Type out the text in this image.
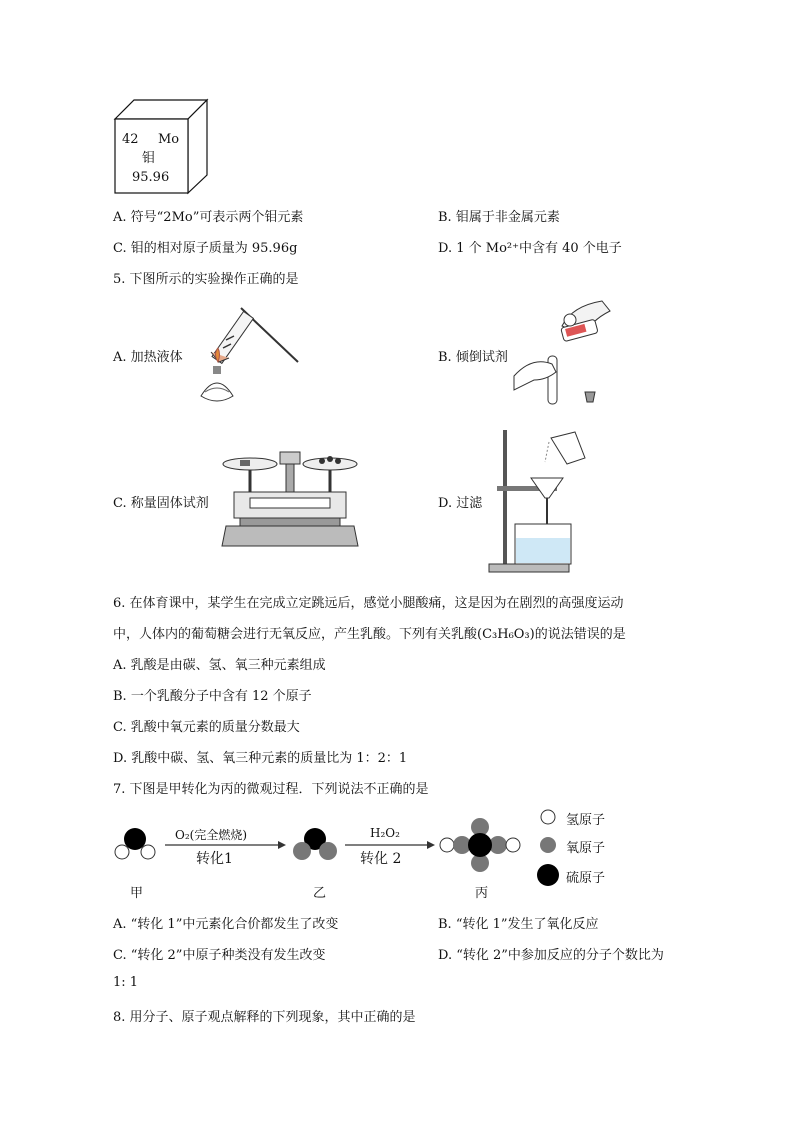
42 Mo
钼
95.96
A. 符号“2Mo”可表示两个钼元素	B. 钼属于非金属元素
C. 钼的相对原子质量为 95.96g	D. 1 个 Mo²⁺中含有 40 个电子
5. 下图所示的实验操作正确的是
A. 加热液体	B. 倾倒试剂
C. 称量固体试剂	D. 过滤
6. 在体育课中，某学生在完成立定跳远后，感觉小腿酸痛，这是因为在剧烈的高强度运动
中，人体内的葡萄糖会进行无氧反应，产生乳酸。下列有关乳酸(C₃H₆O₃)的说法错误的是
A. 乳酸是由碳、氢、氧三种元素组成
B. 一个乳酸分子中含有 12 个原子
C. 乳酸中氧元素的质量分数最大
D. 乳酸中碳、氢、氧三种元素的质量比为 1：2：1
7. 下图是甲转化为丙的微观过程．下列说法不正确的是
O₂(完全燃烧)
转化1
H₂O₂
转化 2
甲	乙	丙
氢原子
氧原子
硫原子
A. “转化 1”中元素化合价都发生了改变	B. “转化 1”发生了氧化反应
C. “转化 2”中原子种类没有发生改变	D. “转化 2”中参加反应的分子个数比为
1: 1
8. 用分子、原子观点解释的下列现象，其中正确的是
